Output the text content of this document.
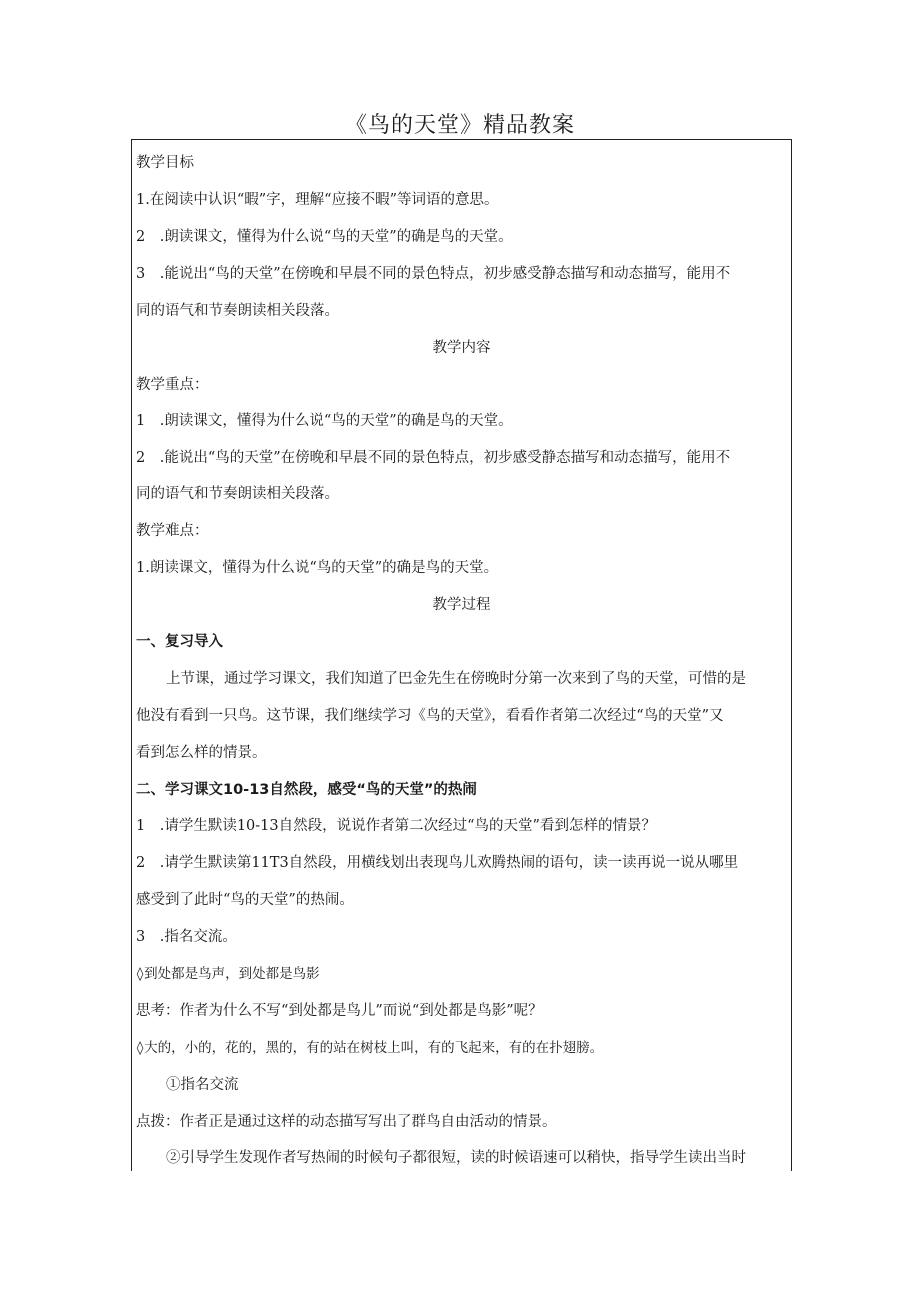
《鸟的天堂》精品教案
教学目标
1.在阅读中认识“暇”字，理解“应接不暇”等词语的意思。
2　.朗读课文，懂得为什么说“鸟的天堂”的确是鸟的天堂。
3　.能说出“鸟的天堂”在傍晚和早晨不同的景色特点，初步感受静态描写和动态描写，能用不
同的语气和节奏朗读相关段落。
教学内容
教学重点：
1　.朗读课文，懂得为什么说“鸟的天堂”的确是鸟的天堂。
2　.能说出“鸟的天堂”在傍晚和早晨不同的景色特点，初步感受静态描写和动态描写，能用不
同的语气和节奏朗读相关段落。
教学难点：
1.朗读课文，懂得为什么说“鸟的天堂”的确是鸟的天堂。
教学过程
一、复习导入
上节课，通过学习课文，我们知道了巴金先生在傍晚时分第一次来到了鸟的天堂，可惜的是
他没有看到一只鸟。这节课，我们继续学习《鸟的天堂》，看看作者第二次经过“鸟的天堂”又
看到怎么样的情景。
二、学习课文10-13自然段，感受“鸟的天堂”的热闹
1　.请学生默读10-13自然段，说说作者第二次经过“鸟的天堂”看到怎样的情景？
2　.请学生默读第11T3自然段，用横线划出表现鸟儿欢腾热闹的语句，读一读再说一说从哪里
感受到了此时“鸟的天堂”的热闹。
3　.指名交流。
◊到处都是鸟声，到处都是鸟影
思考：作者为什么不写“到处都是鸟儿”而说“到处都是鸟影”呢？
◊大的，小的，花的，黑的，有的站在树枝上叫，有的飞起来，有的在扑翅膀。
①指名交流
点拨：作者正是通过这样的动态描写写出了群鸟自由活动的情景。
②引导学生发现作者写热闹的时候句子都很短，读的时候语速可以稍快，指导学生读出当时
